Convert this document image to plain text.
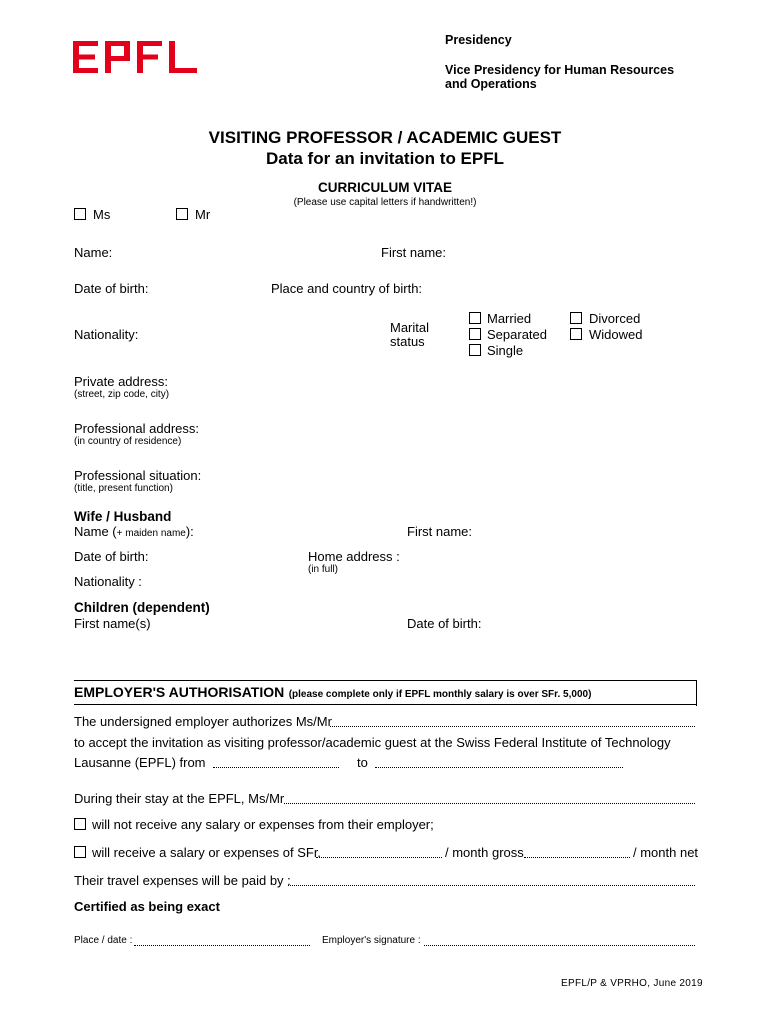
Presidency
Vice Presidency for Human Resources
and Operations
VISITING PROFESSOR / ACADEMIC GUEST
Data for an invitation to EPFL
CURRICULUM VITAE
(Please use capital letters if handwritten!)
Ms	Mr
Name:	First name:
Date of birth:	Place and country of birth:
Nationality:	Marital
status
Married
Separated
Single
Divorced
Widowed
Private address:
(street, zip code, city)
Professional address:
(in country of residence)
Professional situation:
(title, present function)
Wife / Husband
Name (+ maiden name):	First name:
Date of birth:	Home address :
(in full)
Nationality :
Children (dependent)
First name(s)	Date of birth:
EMPLOYER'S AUTHORISATION (please complete only if EPFL monthly salary is over SFr. 5,000)
The undersigned employer authorizes Ms/Mr
to accept the invitation as visiting professor/academic guest at the Swiss Federal Institute of Technology
Lausanne (EPFL) from	to
During their stay at the EPFL, Ms/Mr
will not receive any salary or expenses from their employer;
will receive a salary or expenses of SFr.	/ month gross	/ month net
Their travel expenses will be paid by :
Certified as being exact
Place / date :	Employer's signature :
EPFL/P & VPRHO, June 2019
